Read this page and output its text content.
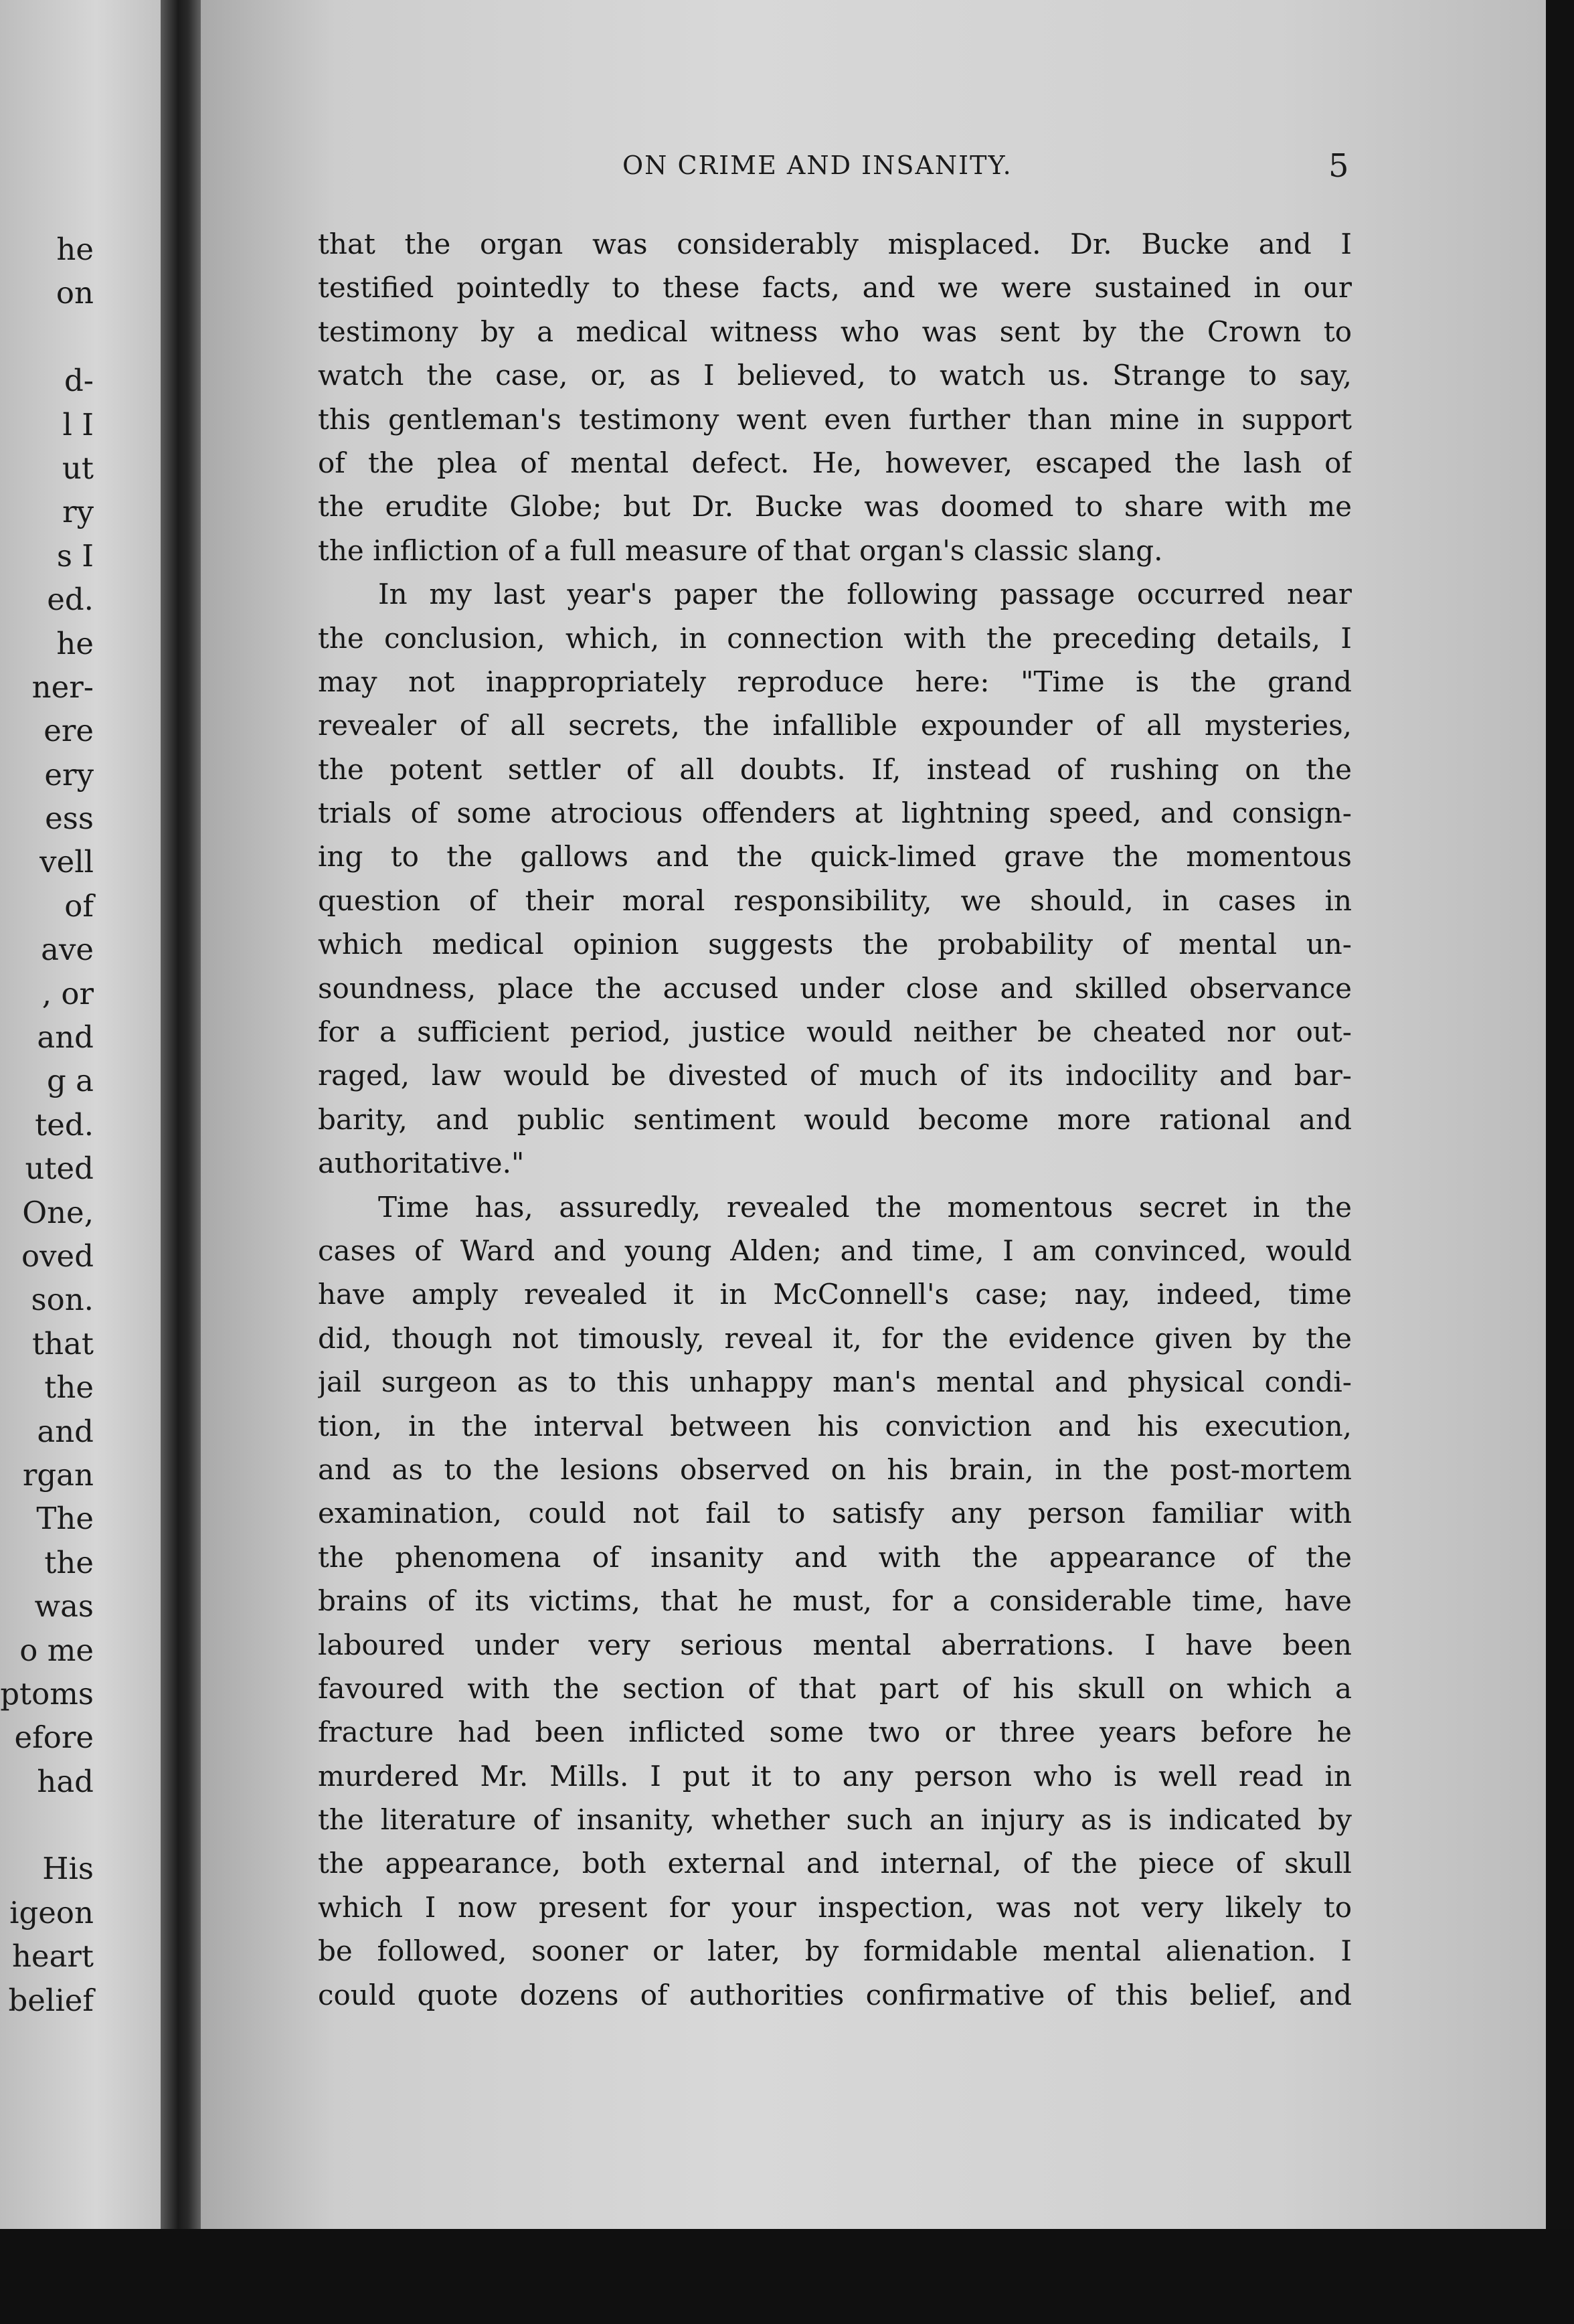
he
on
d-
l I
ut
ry
s I
ed.
he
ner-
ere
ery
ess
vell
of
ave
, or
and
g a
ted.
uted
One,
oved
son.
that
the
and
rgan
The
the
was
o me
ptoms
efore
had
His
igeon
heart
belief
ON CRIME AND INSANITY.	5
that the organ was considerably misplaced. Dr. Bucke and I
testified pointedly to these facts, and we were sustained in our
testimony by a medical witness who was sent by the Crown to
watch the case, or, as I believed, to watch us. Strange to say,
this gentleman's testimony went even further than mine in support
of the plea of mental defect. He, however, escaped the lash of
the erudite Globe; but Dr. Bucke was doomed to share with me
the infliction of a full measure of that organ's classic slang.
In my last year's paper the following passage occurred near
the conclusion, which, in connection with the preceding details, I
may not inappropriately reproduce here: "Time is the grand
revealer of all secrets, the infallible expounder of all mysteries,
the potent settler of all doubts. If, instead of rushing on the
trials of some atrocious offenders at lightning speed, and consign-
ing to the gallows and the quick-limed grave the momentous
question of their moral responsibility, we should, in cases in
which medical opinion suggests the probability of mental un-
soundness, place the accused under close and skilled observance
for a sufficient period, justice would neither be cheated nor out-
raged, law would be divested of much of its indocility and bar-
barity, and public sentiment would become more rational and
authoritative."
Time has, assuredly, revealed the momentous secret in the
cases of Ward and young Alden; and time, I am convinced, would
have amply revealed it in McConnell's case; nay, indeed, time
did, though not timously, reveal it, for the evidence given by the
jail surgeon as to this unhappy man's mental and physical condi-
tion, in the interval between his conviction and his execution,
and as to the lesions observed on his brain, in the post-mortem
examination, could not fail to satisfy any person familiar with
the phenomena of insanity and with the appearance of the
brains of its victims, that he must, for a considerable time, have
laboured under very serious mental aberrations. I have been
favoured with the section of that part of his skull on which a
fracture had been inflicted some two or three years before he
murdered Mr. Mills. I put it to any person who is well read in
the literature of insanity, whether such an injury as is indicated by
the appearance, both external and internal, of the piece of skull
which I now present for your inspection, was not very likely to
be followed, sooner or later, by formidable mental alienation. I
could quote dozens of authorities confirmative of this belief, and
